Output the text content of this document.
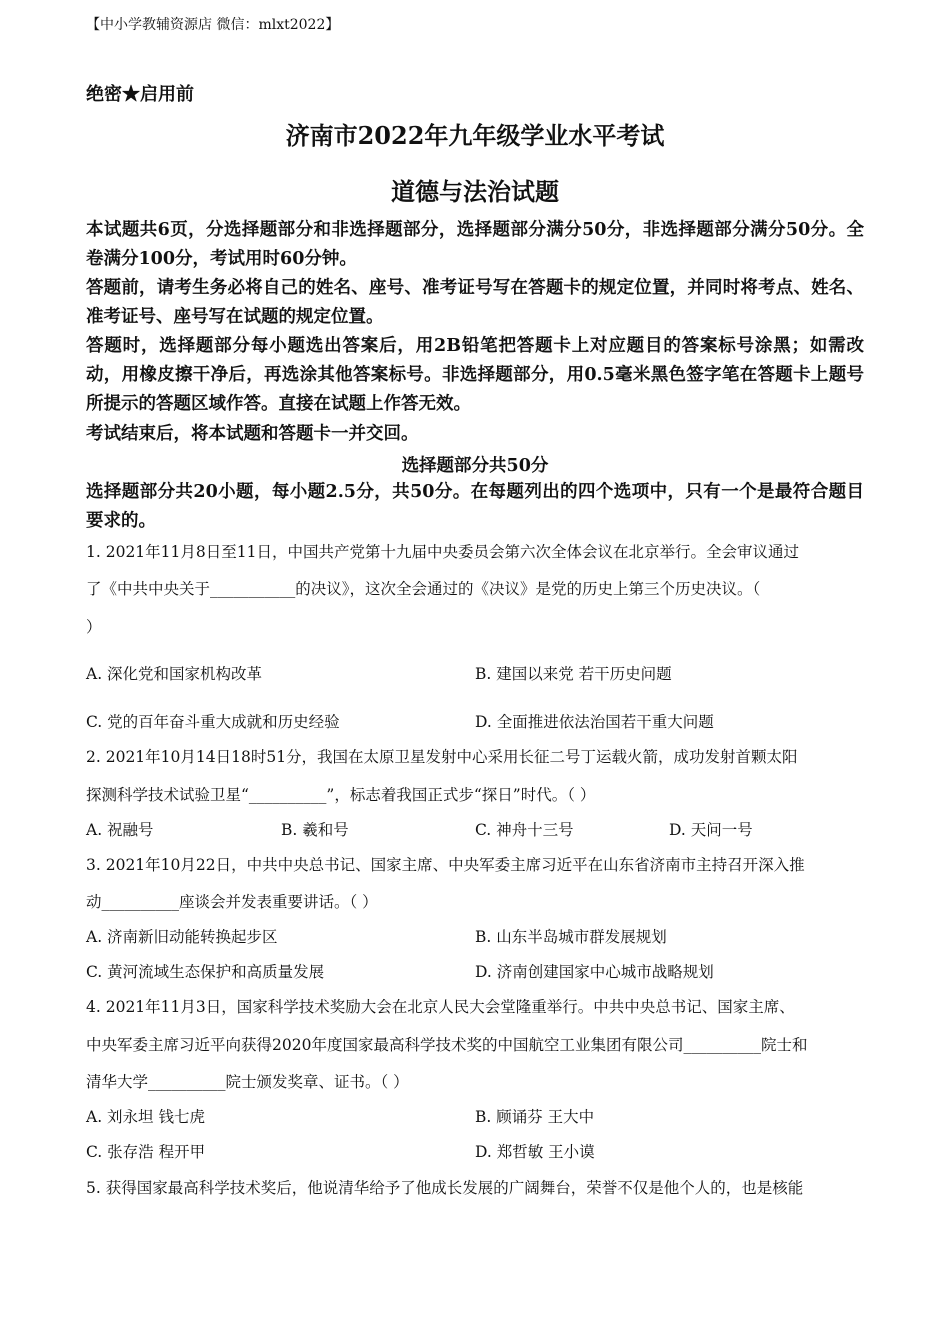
【中小学教辅资源店 微信：mlxt2022】
绝密★启用前
济南市2022年九年级学业水平考试
道德与法治试题
本试题共6页，分选择题部分和非选择题部分，选择题部分满分50分，非选择题部分满分50分。全卷满分100分，考试用时60分钟。
答题前，请考生务必将自己的姓名、座号、准考证号写在答题卡的规定位置，并同时将考点、姓名、准考证号、座号写在试题的规定位置。
答题时，选择题部分每小题选出答案后，用2B铅笔把答题卡上对应题目的答案标号涂黑；如需改动，用橡皮擦干净后，再选涂其他答案标号。非选择题部分，用0.5毫米黑色签字笔在答题卡上题号所提示的答题区域作答。直接在试题上作答无效。
考试结束后，将本试题和答题卡一并交回。
选择题部分共50分
选择题部分共20小题，每小题2.5分，共50分。在每题列出的四个选项中，只有一个是最符合题目要求的。
1. 2021年11月8日至11日，中国共产党第十九届中央委员会第六次全体会议在北京举行。全会审议通过
了《中共中央关于___________的决议》，这次全会通过的《决议》是党的历史上第三个历史决议。（
）
A. 深化党和国家机构改革	B. 建国以来党 若干历史问题
C. 党的百年奋斗重大成就和历史经验	D. 全面推进依法治国若干重大问题
2. 2021年10月14日18时51分，我国在太原卫星发射中心采用长征二号丁运载火箭，成功发射首颗太阳
探测科学技术试验卫星“__________”，标志着我国正式步“探日”时代。（ ）
A. 祝融号	B. 羲和号	C. 神舟十三号	D. 天问一号
3. 2021年10月22日，中共中央总书记、国家主席、中央军委主席习近平在山东省济南市主持召开深入推
动__________座谈会并发表重要讲话。（ ）
A. 济南新旧动能转换起步区	B. 山东半岛城市群发展规划
C. 黄河流域生态保护和高质量发展	D. 济南创建国家中心城市战略规划
4. 2021年11月3日，国家科学技术奖励大会在北京人民大会堂隆重举行。中共中央总书记、国家主席、
中央军委主席习近平向获得2020年度国家最高科学技术奖的中国航空工业集团有限公司__________院士和
清华大学__________院士颁发奖章、证书。（ ）
A. 刘永坦 钱七虎	B. 顾诵芬 王大中
C. 张存浩 程开甲	D. 郑哲敏 王小谟
5. 获得国家最高科学技术奖后，他说清华给予了他成长发展的广阔舞台，荣誉不仅是他个人的，也是核能
